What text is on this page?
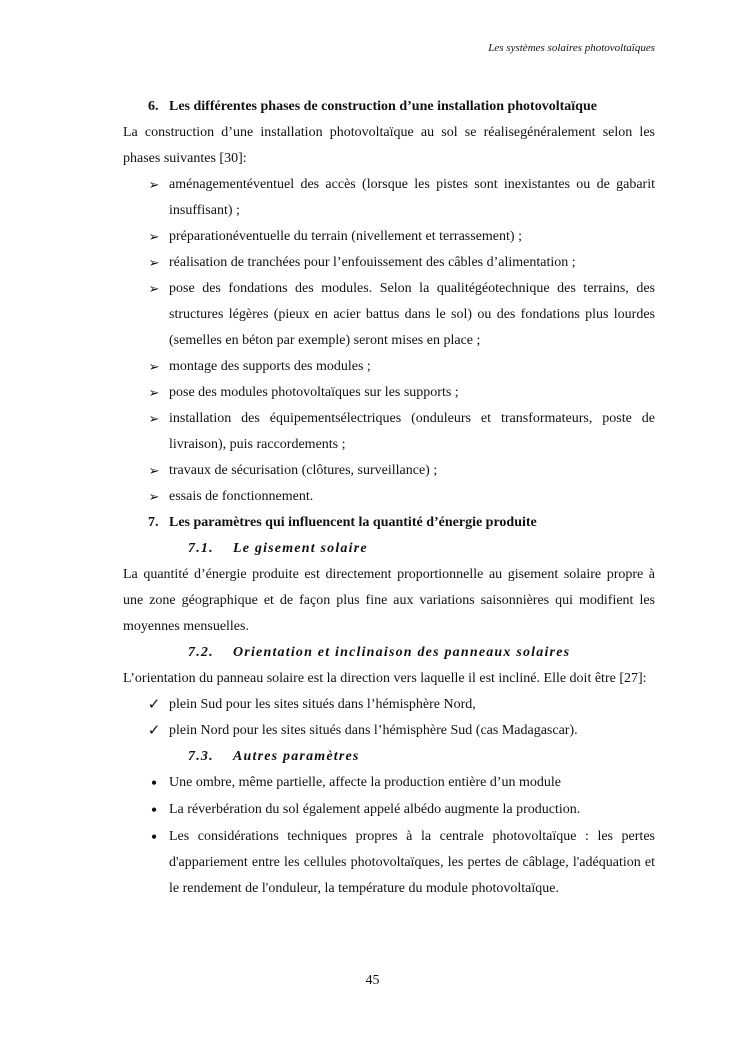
Les systèmes solaires photovoltaïques
6. Les différentes phases de construction d’une installation photovoltaïque

La construction d’une installation photovoltaïque au sol se réalisegénéralement selon les phases suivantes [30]:

➢ aménagementéventuel des accès (lorsque les pistes sont inexistantes ou de gabarit insuffisant) ;
➢ préparationéventuelle du terrain (nivellement et terrassement) ;
➢ réalisation de tranchées pour l’enfouissement des câbles d’alimentation ;
➢ pose des fondations des modules. Selon la qualitégéotechnique des terrains, des structures légères (pieux en acier battus dans le sol) ou des fondations plus lourdes (semelles en béton par exemple) seront mises en place ;
➢ montage des supports des modules ;
➢ pose des modules photovoltaïques sur les supports ;
➢ installation des équipementsélectriques (onduleurs et transformateurs, poste de livraison), puis raccordements ;
➢ travaux de sécurisation (clôtures, surveillance) ;
➢ essais de fonctionnement.
7. Les paramètres qui influencent la quantité d’énergie produite
7.1. Le gisement solaire

La quantité d’énergie produite est directement proportionnelle au gisement solaire propre à une zone géographique et de façon plus fine aux variations saisonnières qui modifient les moyennes mensuelles.

7.2. Orientation et inclinaison des panneaux solaires

L’orientation du panneau solaire est la direction vers laquelle il est incliné. Elle doit être [27]:

✓ plein Sud pour les sites situés dans l’hémisphère Nord,
✓ plein Nord pour les sites situés dans l’hémisphère Sud (cas Madagascar).
7.3. Autres paramètres
• Une ombre, même partielle, affecte la production entière d’un module
• La réverbération du sol également appelé albédo augmente la production.
• Les considérations techniques propres à la centrale photovoltaïque : les pertes d'appariement entre les cellules photovoltaïques, les pertes de câblage, l'adéquation et le rendement de l'onduleur, la température du module photovoltaïque.
45
